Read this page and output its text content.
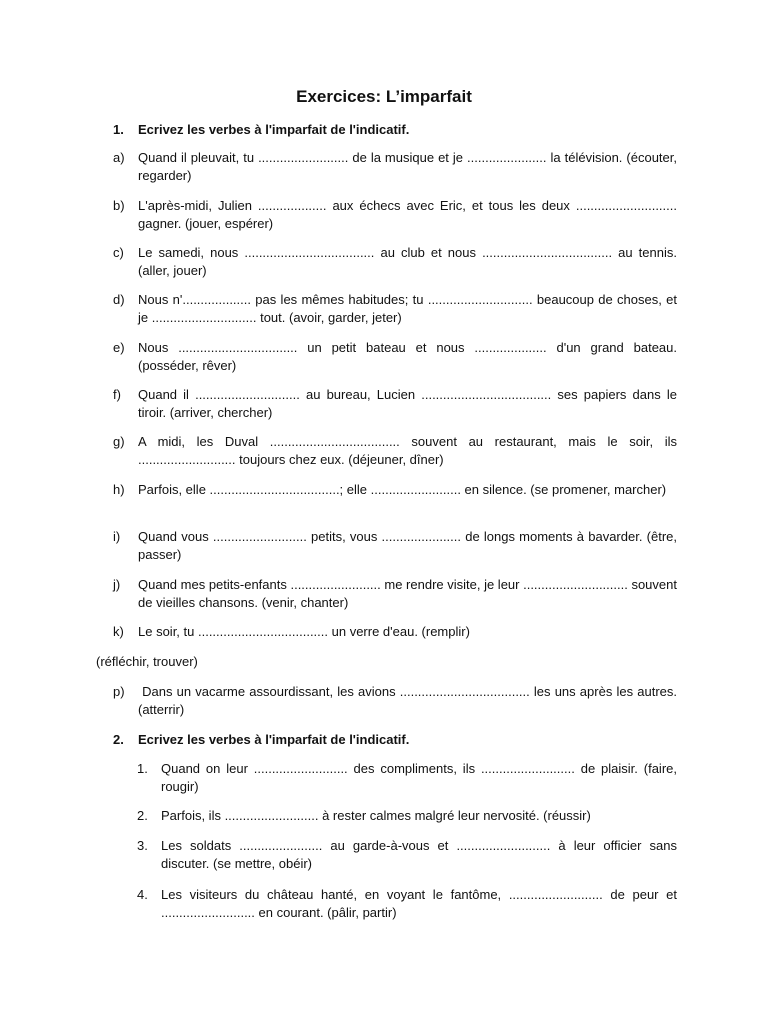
Exercices: L’imparfait
1. Ecrivez les verbes à l'imparfait de l'indicatif.
a) Quand il pleuvait, tu ......................... de la musique et je ...................... la télévision. (écouter, regarder)
b) L'après-midi, Julien ................... aux échecs avec Eric, et tous les deux ............................ gagner. (jouer, espérer)
c) Le samedi, nous .................................... au club et nous .................................... au tennis. (aller, jouer)
d) Nous n'................... pas les mêmes habitudes; tu ............................. beaucoup de choses, et je ............................. tout. (avoir, garder, jeter)
e) Nous ................................. un petit bateau et nous .................... d'un grand bateau. (posséder, rêver)
f) Quand il ............................. au bureau, Lucien .................................... ses papiers dans le tiroir. (arriver, chercher)
g) A midi, les Duval .................................... souvent au restaurant, mais le soir, ils ........................... toujours chez eux. (déjeuner, dîner)
h) Parfois, elle ....................................; elle ......................... en silence. (se promener, marcher)
i) Quand vous .......................... petits, vous ...................... de longs moments à bavarder. (être, passer)
j) Quand mes petits-enfants ......................... me rendre visite, je leur ............................. souvent de vieilles chansons. (venir, chanter)
k) Le soir, tu .................................... un verre d'eau. (remplir)
(réfléchir, trouver)
p) Dans un vacarme assourdissant, les avions .................................... les uns après les autres. (atterrir)
2. Ecrivez les verbes à l'imparfait de l'indicatif.
1. Quand on leur .......................... des compliments, ils .......................... de plaisir. (faire, rougir)
2. Parfois, ils .......................... à rester calmes malgré leur nervosité. (réussir)
3. Les soldats ....................... au garde-à-vous et .......................... à leur officier sans discuter. (se mettre, obéir)
4. Les visiteurs du château hanté, en voyant le fantôme, .......................... de peur et .......................... en courant. (pâlir, partir)
